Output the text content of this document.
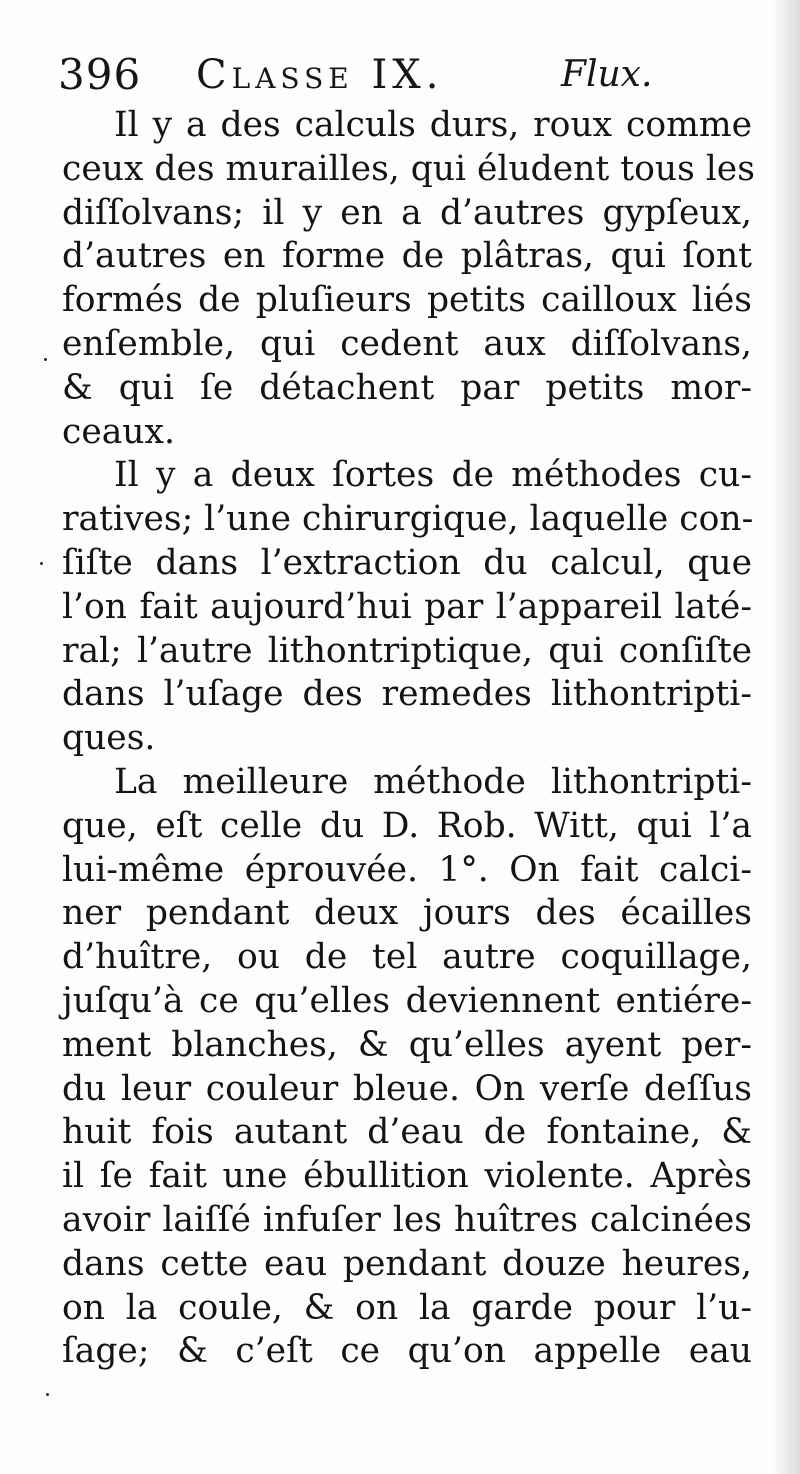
396 Classe IX.	Flux.
Il y a des calculs durs, roux comme
ceux des murailles, qui éludent tous les
diſſolvans; il y en a d’autres gypſeux,
d’autres en forme de plâtras, qui ſont
formés de pluſieurs petits cailloux liés
enſemble, qui cedent aux diſſolvans,
& qui ſe détachent par petits mor-
ceaux.
Il y a deux ſortes de méthodes cu-
ratives; l’une chirurgique, laquelle con-
ſiſte dans l’extraction du calcul, que
l’on fait aujourd’hui par l’appareil laté-
ral; l’autre lithontriptique, qui conſiſte
dans l’uſage des remedes lithontripti-
ques.
La meilleure méthode lithontripti-
que, eſt celle du D. Rob. Witt, qui l’a
lui-même éprouvée. 1°. On fait calci-
ner pendant deux jours des écailles
d’huître, ou de tel autre coquillage,
juſqu’à ce qu’elles deviennent entiére-
ment blanches, & qu’elles ayent per-
du leur couleur bleue. On verſe deſſus
huit fois autant d’eau de fontaine, &
il ſe fait une ébullition violente. Après
avoir laiſſé infuſer les huîtres calcinées
dans cette eau pendant douze heures,
on la coule, & on la garde pour l’u-
ſage; & c’eſt ce qu’on appelle eau
